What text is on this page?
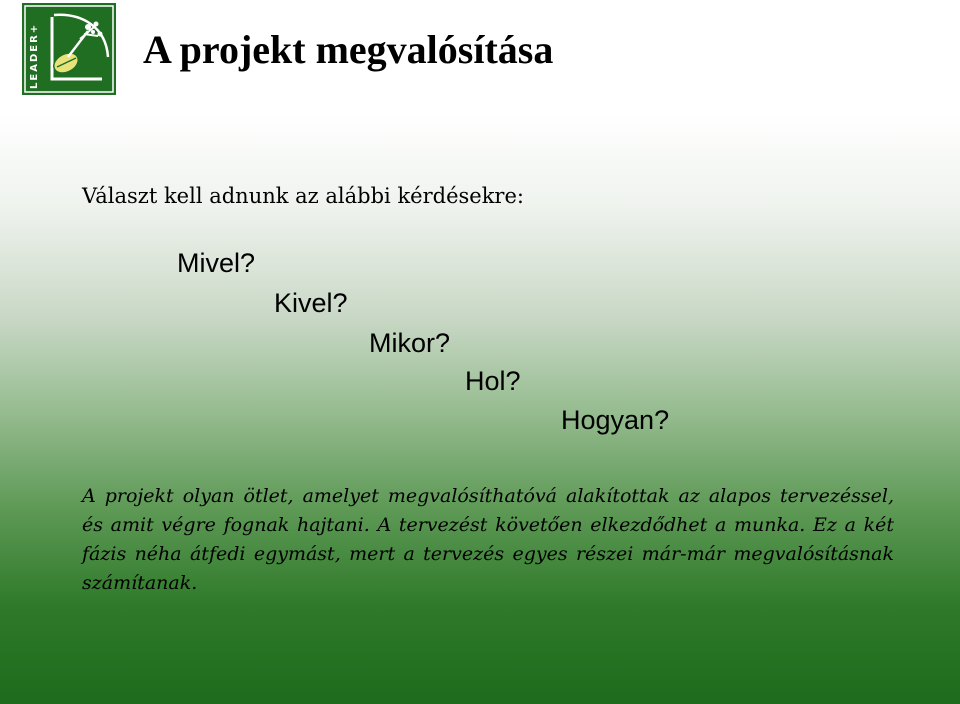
LEADER+	A projekt megvalósítása
Választ kell adnunk az alábbi kérdésekre:
Mivel?
Kivel?
Mikor?
Hol?
Hogyan?
A projekt olyan ötlet, amelyet megvalósíthatóvá alakítottak az alapos tervezéssel, és amit végre fognak hajtani. A tervezést követően elkezdődhet a munka. Ez a két fázis néha átfedi egymást, mert a tervezés egyes részei már-már megvalósításnak számítanak.
